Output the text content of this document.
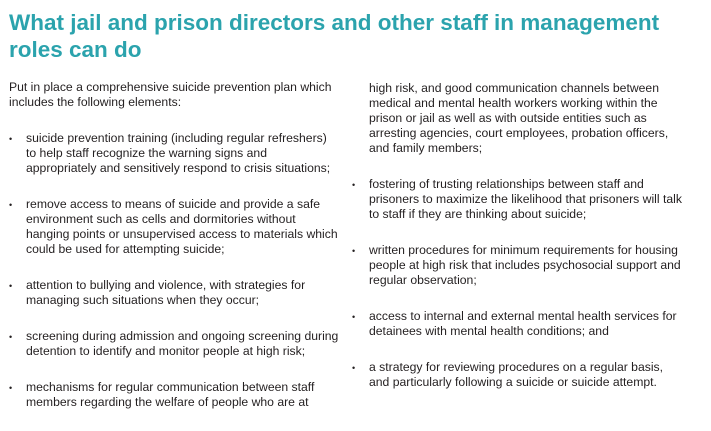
What jail and prison directors and other staff in management roles can do

Put in place a comprehensive suicide prevention plan which includes the following elements:

•	suicide prevention training (including regular refreshers) to help staff recognize the warning signs and appropriately and sensitively respond to crisis situations;
•	remove access to means of suicide and provide a safe environment such as cells and dormitories without hanging points or unsupervised access to materials which could be used for attempting suicide;
•	attention to bullying and violence, with strategies for managing such situations when they occur;
•	screening during admission and ongoing screening during detention to identify and monitor people at high risk;
•	mechanisms for regular communication between staff members regarding the welfare of people who are at

high risk, and good communication channels between medical and mental health workers working within the prison or jail as well as with outside entities such as arresting agencies, court employees, probation officers, and family members;

•	fostering of trusting relationships between staff and prisoners to maximize the likelihood that prisoners will talk to staff if they are thinking about suicide;
•	written procedures for minimum requirements for housing people at high risk that includes psychosocial support and regular observation;
•	access to internal and external mental health services for detainees with mental health conditions; and
•	a strategy for reviewing procedures on a regular basis, and particularly following a suicide or suicide attempt.
